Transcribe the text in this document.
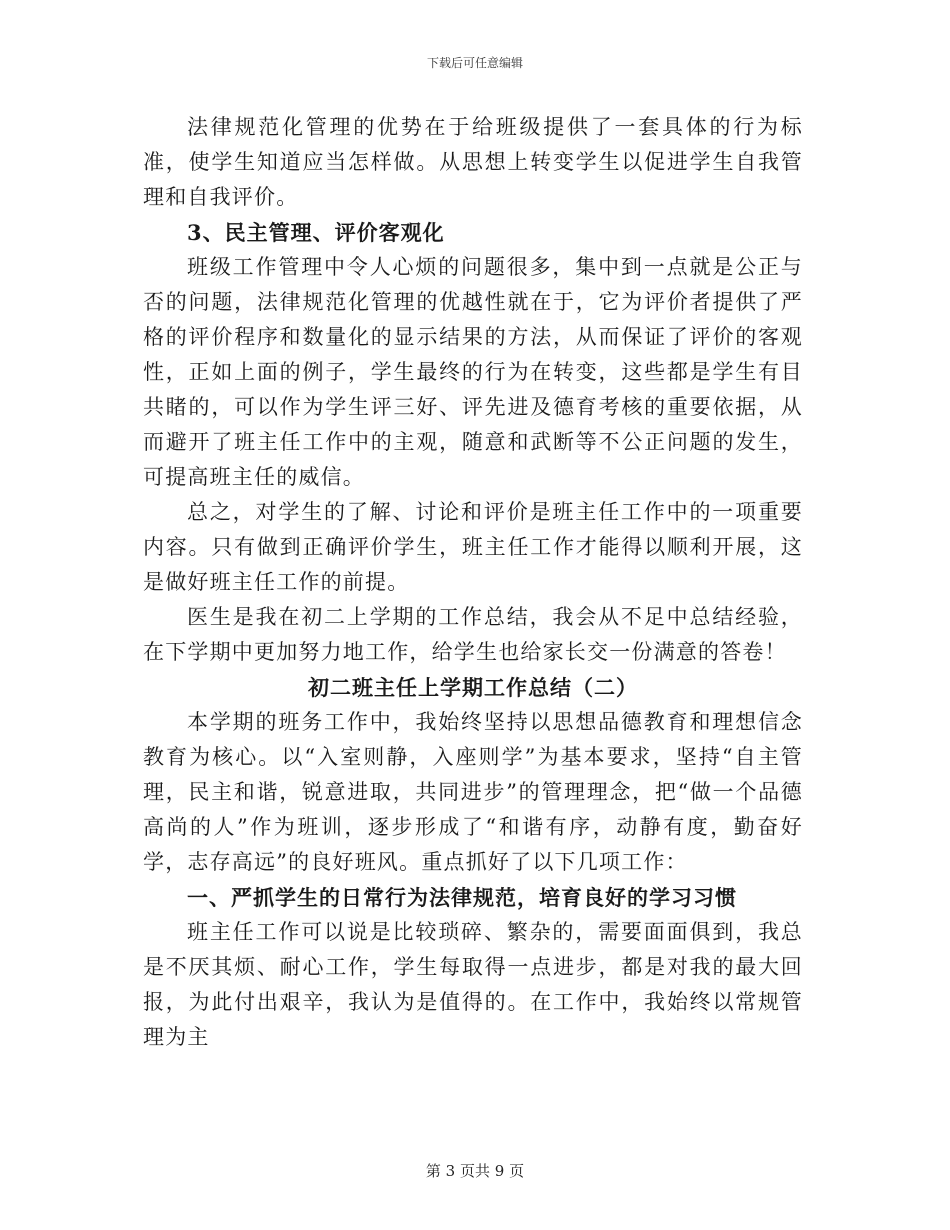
下载后可任意编辑

法律规范化管理的优势在于给班级提供了一套具体的行为标准，使学生知道应当怎样做。从思想上转变学生以促进学生自我管理和自我评价。

3、民主管理、评价客观化

班级工作管理中令人心烦的问题很多，集中到一点就是公正与否的问题，法律规范化管理的优越性就在于，它为评价者提供了严格的评价程序和数量化的显示结果的方法，从而保证了评价的客观性，正如上面的例子，学生最终的行为在转变，这些都是学生有目共睹的，可以作为学生评三好、评先进及德育考核的重要依据，从而避开了班主任工作中的主观，随意和武断等不公正问题的发生，可提高班主任的威信。

总之，对学生的了解、讨论和评价是班主任工作中的一项重要内容。只有做到正确评价学生，班主任工作才能得以顺利开展，这是做好班主任工作的前提。

医生是我在初二上学期的工作总结，我会从不足中总结经验，在下学期中更加努力地工作，给学生也给家长交一份满意的答卷！

初二班主任上学期工作总结（二）

本学期的班务工作中，我始终坚持以思想品德教育和理想信念教育为核心。以“入室则静，入座则学”为基本要求，坚持“自主管理，民主和谐，锐意进取，共同进步”的管理理念，把“做一个品德高尚的人”作为班训，逐步形成了“和谐有序，动静有度，勤奋好学，志存高远”的良好班风。重点抓好了以下几项工作：

一、严抓学生的日常行为法律规范，培育良好的学习习惯

班主任工作可以说是比较琐碎、繁杂的，需要面面俱到，我总是不厌其烦、耐心工作，学生每取得一点进步，都是对我的最大回报，为此付出艰辛，我认为是值得的。在工作中，我始终以常规管理为主

第 3 页共 9 页
